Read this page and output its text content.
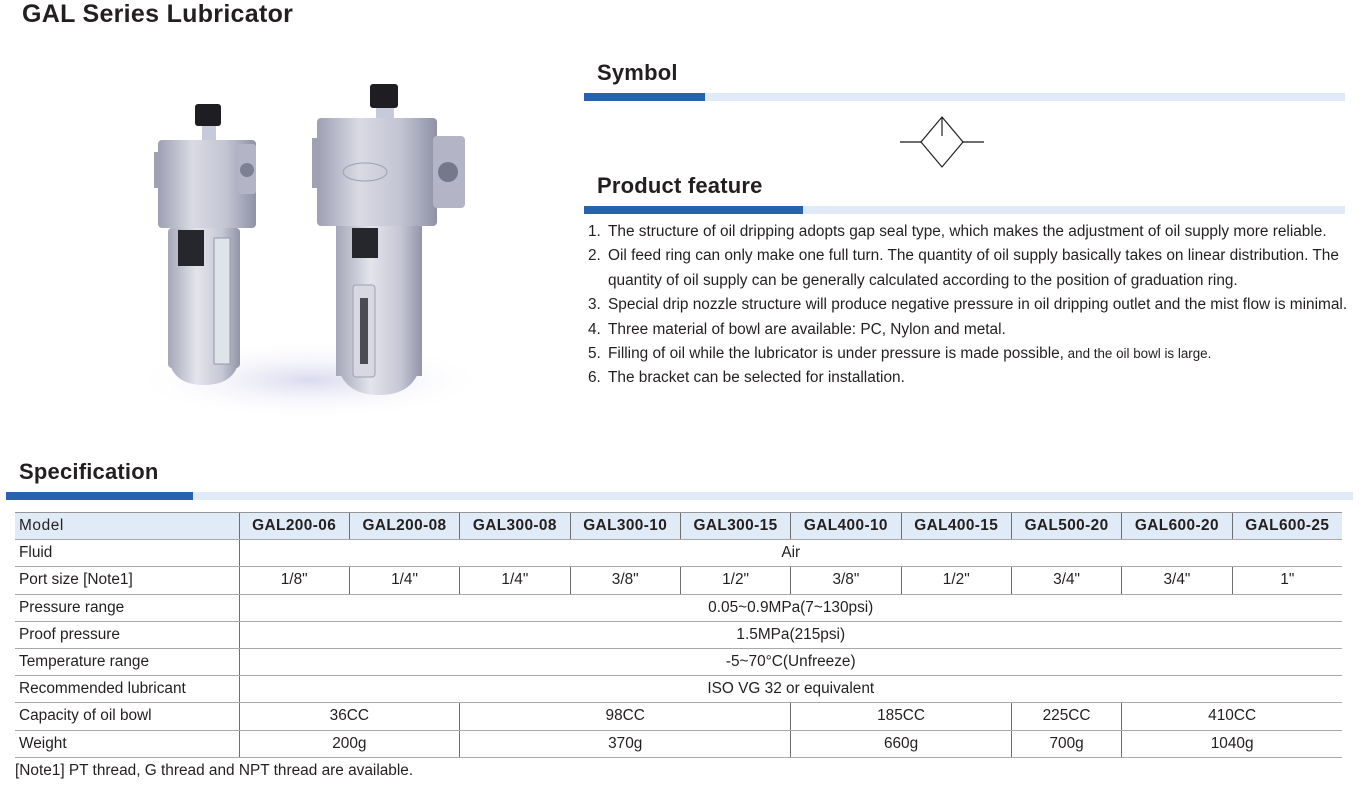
GAL Series Lubricator
Symbol
Product feature
1. The structure of oil dripping adopts gap seal type, which makes the adjustment of oil supply more reliable.
2. Oil feed ring can only make one full turn. The quantity of oil supply basically takes on linear distribution. The quantity of oil supply can be generally calculated according to the position of graduation ring.
3. Special drip nozzle structure will produce negative pressure in oil dripping outlet and the mist flow is minimal.
4. Three material of bowl are available: PC, Nylon and metal.
5. Filling of oil while the lubricator is under pressure is made possible, and the oil bowl is large.
6. The bracket can be selected for installation.
Specification
Model	GAL200-06	GAL200-08	GAL300-08	GAL300-10	GAL300-15	GAL400-10	GAL400-15	GAL500-20	GAL600-20	GAL600-25
Fluid	Air									
Port size [Note1]	1/8"	1/4"	1/4"	3/8"	1/2"	3/8"	1/2"	3/4"	3/4"	1"
Pressure range	0.05~0.9MPa(7~130psi)									
Proof pressure	1.5MPa(215psi)									
Temperature range	-5~70°C(Unfreeze)									
Recommended lubricant	ISO VG 32 or equivalent									
Capacity of oil bowl	36CC		98CC			185CC		225CC	410CC	
Weight	200g		370g			660g		700g	1040g	
[Note1] PT thread, G thread and NPT thread are available.
